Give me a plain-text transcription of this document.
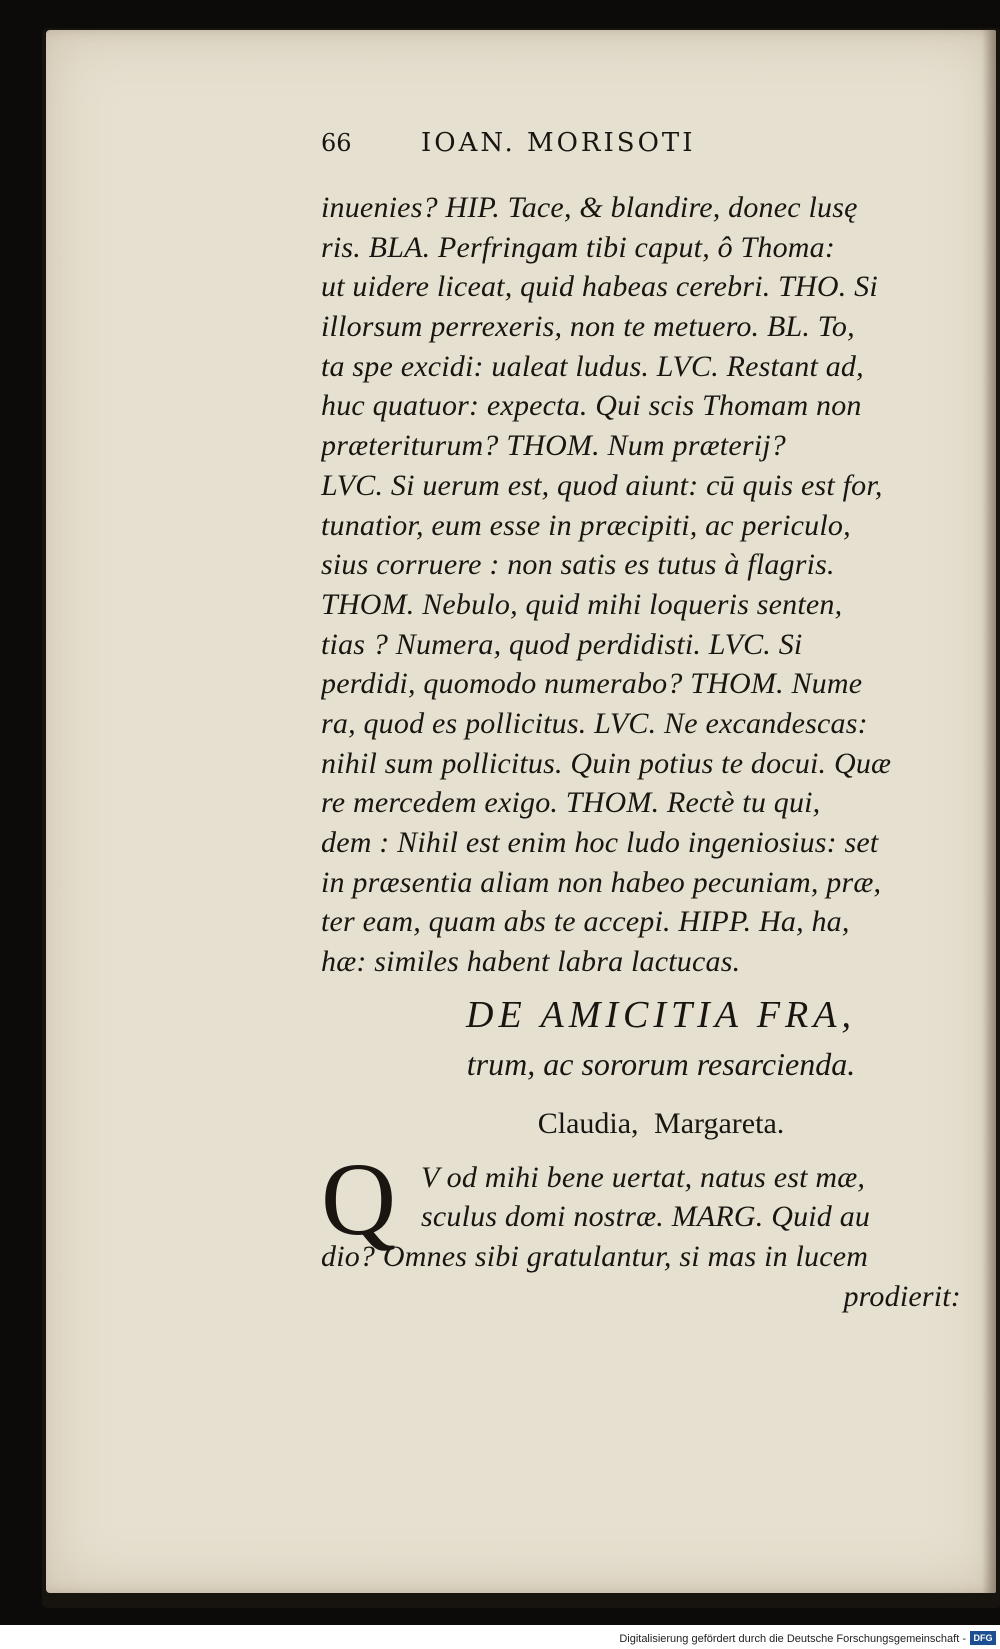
66	IOAN. MORISOTI
inuenies? HIP. Tace, & blandire, donec lusę
ris. BLA. Perfringam tibi caput, ô Thoma:
ut uidere liceat, quid habeas cerebri. THO. Si
illorsum perrexeris, non te metuero. BL. To,
ta spe excidi: ualeat ludus. LVC. Restant ad,
huc quatuor: expecta. Qui scis Thomam non
præteriturum? THOM. Num præterij?
LVC. Si uerum est, quod aiunt: cū quis est for,
tunatior, eum esse in præcipiti, ac periculo,
sius corruere : non satis es tutus à flagris.
THOM. Nebulo, quid mihi loqueris senten,
tias ? Numera, quod perdidisti. LVC. Si
perdidi, quomodo numerabo? THOM. Nume
ra, quod es pollicitus. LVC. Ne excandescas:
nihil sum pollicitus. Quin potius te docui. Quæ
re mercedem exigo. THOM. Rectè tu qui,
dem : Nihil est enim hoc ludo ingeniosius: set
in præsentia aliam non habeo pecuniam, præ,
ter eam, quam abs te accepi. HIPP. Ha, ha,
hæ: similes habent labra lactucas.
DE AMICITIA FRA,
trum, ac sororum resarcienda.
Claudia, Margareta.
Q V od mihi bene uertat, natus est mæ,
sculus domi nostræ. MARG. Quid au
dio? Omnes sibi gratulantur, si mas in lucem
prodierit:
Digitalisierung gefördert durch die Deutsche Forschungsgemeinschaft - DFG
